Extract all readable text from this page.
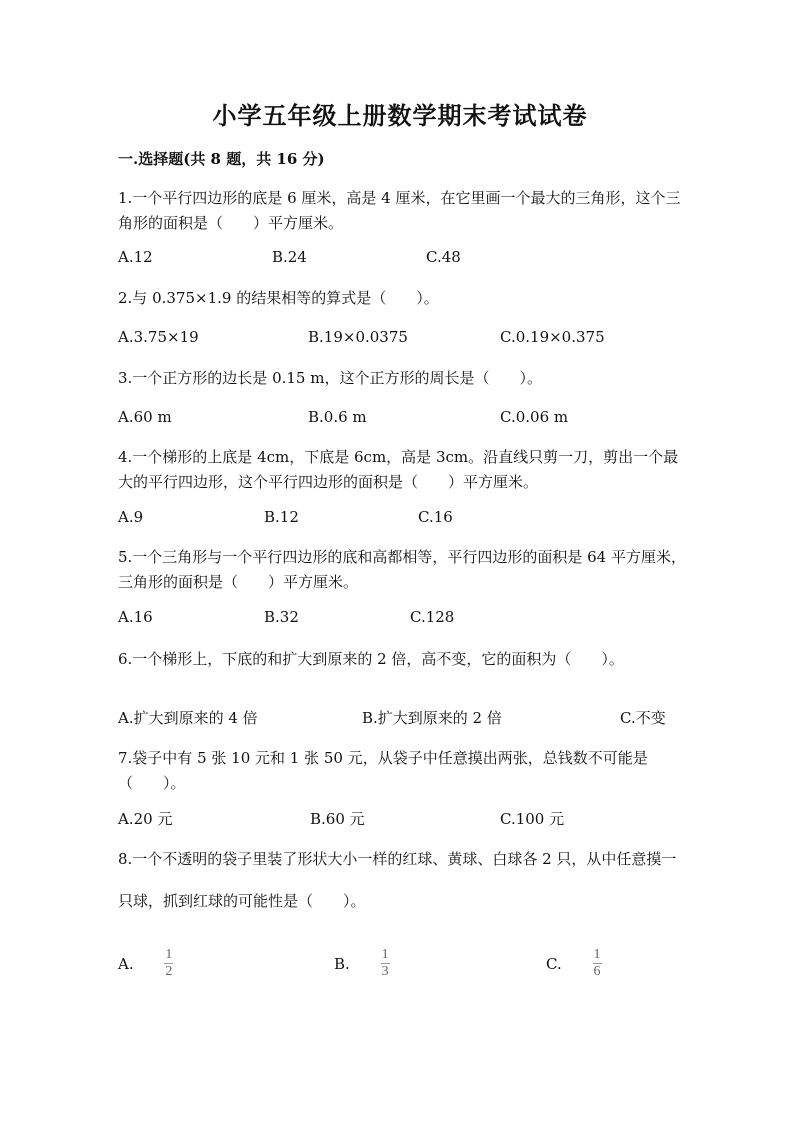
小学五年级上册数学期末考试试卷
一.选择题(共 8 题，共 16 分)
1.一个平行四边形的底是 6 厘米，高是 4 厘米，在它里画一个最大的三角形，这个三角形的面积是（　　）平方厘米。
A.12	B.24	C.48
2.与 0.375×1.9 的结果相等的算式是（　　）。
A.3.75×19	B.19×0.0375	C.0.19×0.375
3.一个正方形的边长是 0.15 m，这个正方形的周长是（　　）。
A.60 m	B.0.6 m	C.0.06 m
4.一个梯形的上底是 4cm，下底是 6cm，高是 3cm。沿直线只剪一刀，剪出一个最大的平行四边形，这个平行四边形的面积是（　　）平方厘米。
A.9	B.12	C.16
5.一个三角形与一个平行四边形的底和高都相等，平行四边形的面积是 64 平方厘米，三角形的面积是（　　）平方厘米。
A.16	B.32	C.128
6.一个梯形上，下底的和扩大到原来的 2 倍，高不变，它的面积为（　　）。
A.扩大到原来的 4 倍	B.扩大到原来的 2 倍	C.不变
7.袋子中有 5 张 10 元和 1 张 50 元，从袋子中任意摸出两张，总钱数不可能是（　　）。
A.20 元	B.60 元	C.100 元
8.一个不透明的袋子里装了形状大小一样的红球、黄球、白球各 2 只，从中任意摸一只球，抓到红球的可能性是（　　）。
A. $\frac{1}{2}$	B. $\frac{1}{3}$	C. $\frac{1}{6}$
